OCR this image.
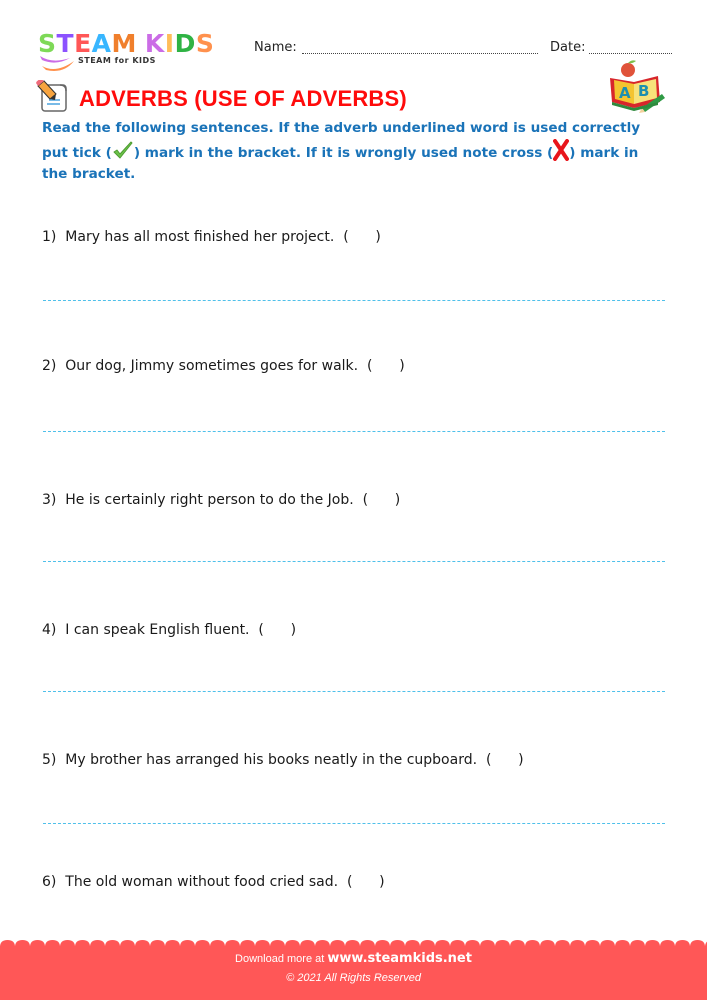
STEAM KIDS
STEAM for KIDS
Name:	Date:
A B
ADVERBS (USE OF ADVERBS)
Read the following sentences. If the adverb underlined word is used correctly put tick ( ) mark in the bracket. If it is wrongly used note cross ( ) mark in the bracket.
1) Mary has all most finished her project. (      )
2) Our dog, Jimmy sometimes goes for walk. (      )
3) He is certainly right person to do the Job. (      )
4) I can speak English fluent. (      )
5) My brother has arranged his books neatly in the cupboard. (      )
6) The old woman without food cried sad. (      )
Download more at www.steamkids.net
© 2021 All Rights Reserved
